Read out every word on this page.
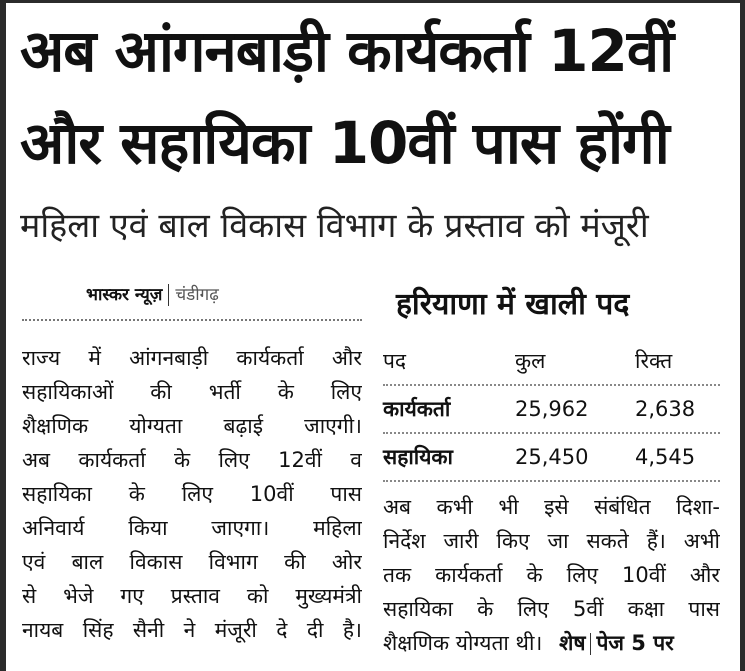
अब आंगनबाड़ी कार्यकर्ता 12वीं
और सहायिका 10वीं पास होंगी
महिला एवं बाल विकास विभाग के प्रस्ताव को मंजूरी
भास्कर न्यूज़ चंडीगढ़
राज्य में आंगनबाड़ी कार्यकर्ता और
सहायिकाओं की भर्ती के लिए
शैक्षणिक योग्यता बढ़ाई जाएगी।
अब कार्यकर्ता के लिए 12वीं व
सहायिका के लिए 10वीं पास
अनिवार्य किया जाएगा। महिला
एवं बाल विकास विभाग की ओर
से भेजे गए प्रस्ताव को मुख्यमंत्री
नायब सिंह सैनी ने मंजूरी दे दी है।
हरियाणा में खाली पद
पद	कुल	रिक्त
कार्यकर्ता	25,962	2,638
सहायिका	25,450	4,545
अब कभी भी इसे संबंधित दिशा-
निर्देश जारी किए जा सकते हैं। अभी
तक कार्यकर्ता के लिए 10वीं और
सहायिका के लिए 5वीं कक्षा पास
शैक्षणिक योग्यता थी। शेष पेज 5 पर
